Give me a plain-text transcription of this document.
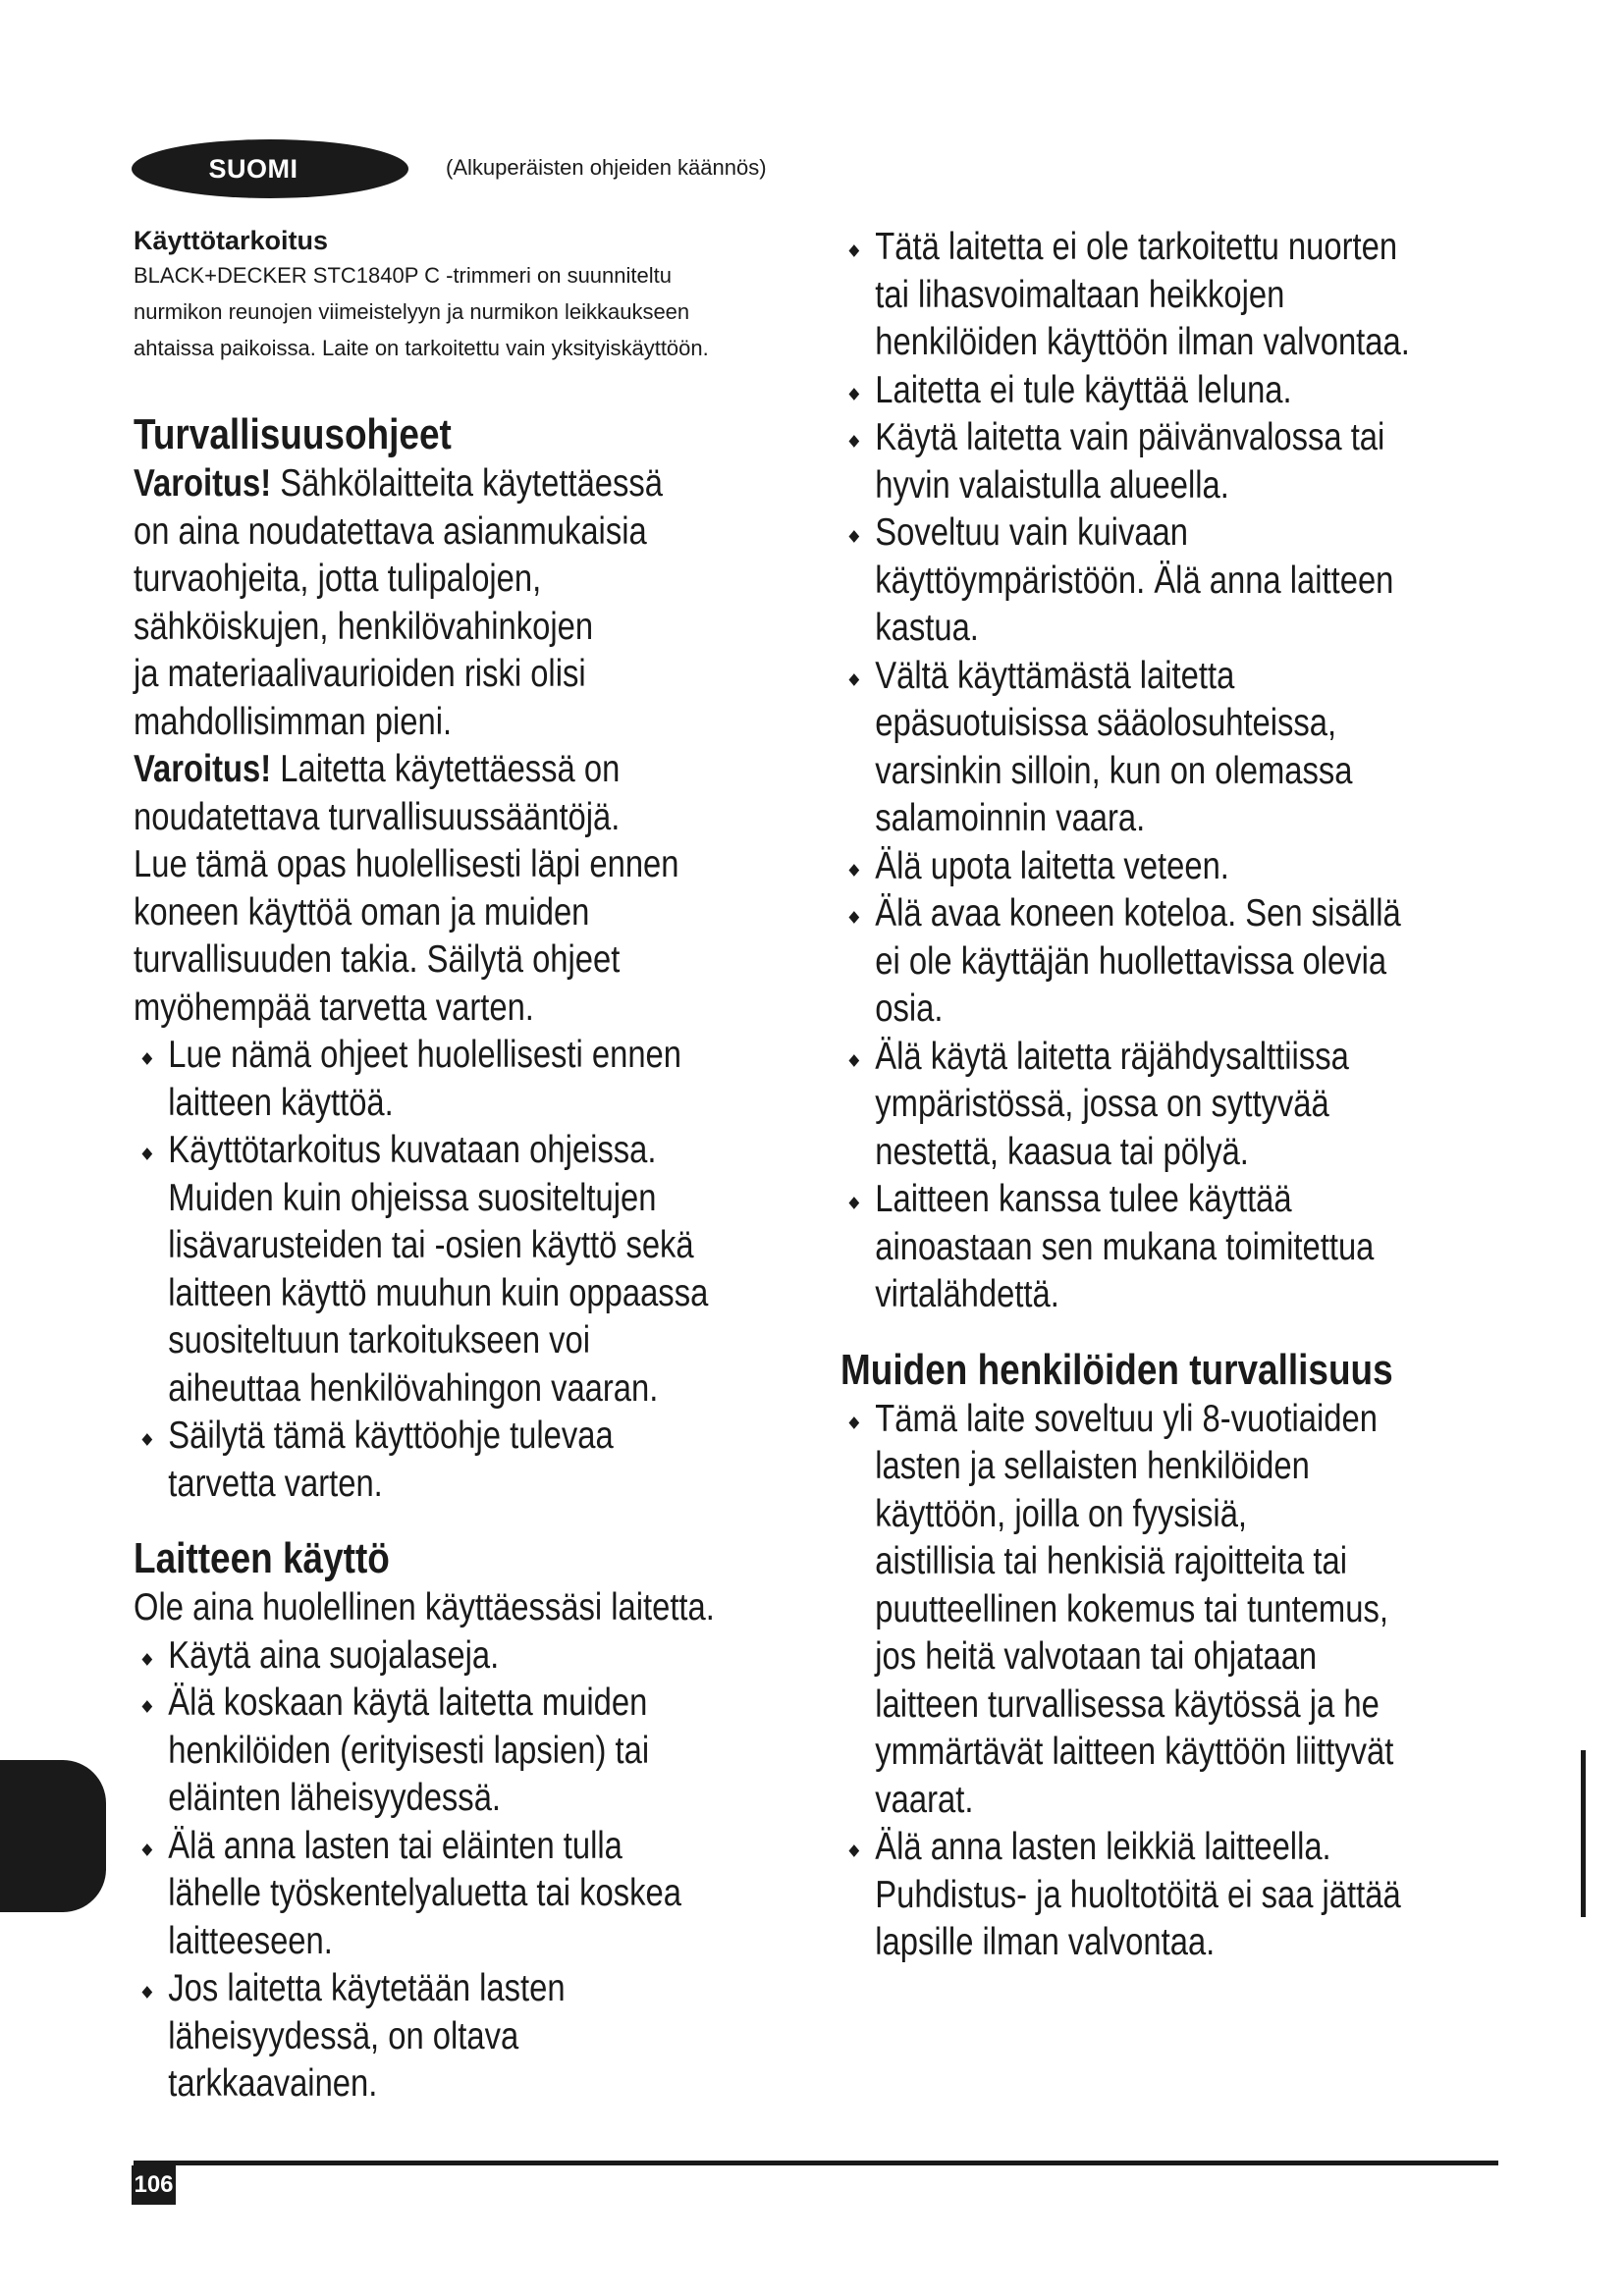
SUOMI	(Alkuperäisten ohjeiden käännös)
Käyttötarkoitus

BLACK+DECKER STC1840P C -trimmeri on suunniteltu
nurmikon reunojen viimeistelyyn ja nurmikon leikkaukseen
ahtaissa paikoissa. Laite on tarkoitettu vain yksityiskäyttöön.

Turvallisuusohjeet

Varoitus! Sähkölaitteita käytettäessä
on aina noudatettava asianmukaisia
turvaohjeita, jotta tulipalojen,
sähköiskujen, henkilövahinkojen
ja materiaalivaurioiden riski olisi
mahdollisimman pieni.

Varoitus! Laitetta käytettäessä on
noudatettava turvallisuussääntöjä.
Lue tämä opas huolellisesti läpi ennen
koneen käyttöä oman ja muiden
turvallisuuden takia. Säilytä ohjeet
myöhempää tarvetta varten.

Lue nämä ohjeet huolellisesti ennen
laitteen käyttöä.
Käyttötarkoitus kuvataan ohjeissa.
Muiden kuin ohjeissa suositeltujen
lisävarusteiden tai -osien käyttö sekä
laitteen käyttö muuhun kuin oppaassa
suositeltuun tarkoitukseen voi
aiheuttaa henkilövahingon vaaran.
Säilytä tämä käyttöohje tulevaa
tarvetta varten.
Laitteen käyttö

Ole aina huolellinen käyttäessäsi laitetta.

Käytä aina suojalaseja.
Älä koskaan käytä laitetta muiden
henkilöiden (erityisesti lapsien) tai
eläinten läheisyydessä.
Älä anna lasten tai eläinten tulla
lähelle työskentelyaluetta tai koskea
laitteeseen.
Jos laitetta käytetään lasten
läheisyydessä, on oltava
tarkkaavainen.
Tätä laitetta ei ole tarkoitettu nuorten
tai lihasvoimaltaan heikkojen
henkilöiden käyttöön ilman valvontaa.
Laitetta ei tule käyttää leluna.
Käytä laitetta vain päivänvalossa tai
hyvin valaistulla alueella.
Soveltuu vain kuivaan
käyttöympäristöön. Älä anna laitteen
kastua.
Vältä käyttämästä laitetta
epäsuotuisissa sääolosuhteissa,
varsinkin silloin, kun on olemassa
salamoinnin vaara.
Älä upota laitetta veteen.
Älä avaa koneen koteloa. Sen sisällä
ei ole käyttäjän huollettavissa olevia
osia.
Älä käytä laitetta räjähdysalttiissa
ympäristössä, jossa on syttyvää
nestettä, kaasua tai pölyä.
Laitteen kanssa tulee käyttää
ainoastaan sen mukana toimitettua
virtalähdettä.
Muiden henkilöiden turvallisuus
Tämä laite soveltuu yli 8-vuotiaiden
lasten ja sellaisten henkilöiden
käyttöön, joilla on fyysisiä,
aistillisia tai henkisiä rajoitteita tai
puutteellinen kokemus tai tuntemus,
jos heitä valvotaan tai ohjataan
laitteen turvallisessa käytössä ja he
ymmärtävät laitteen käyttöön liittyvät
vaarat.
Älä anna lasten leikkiä laitteella.
Puhdistus- ja huoltotöitä ei saa jättää
lapsille ilman valvontaa.
106
